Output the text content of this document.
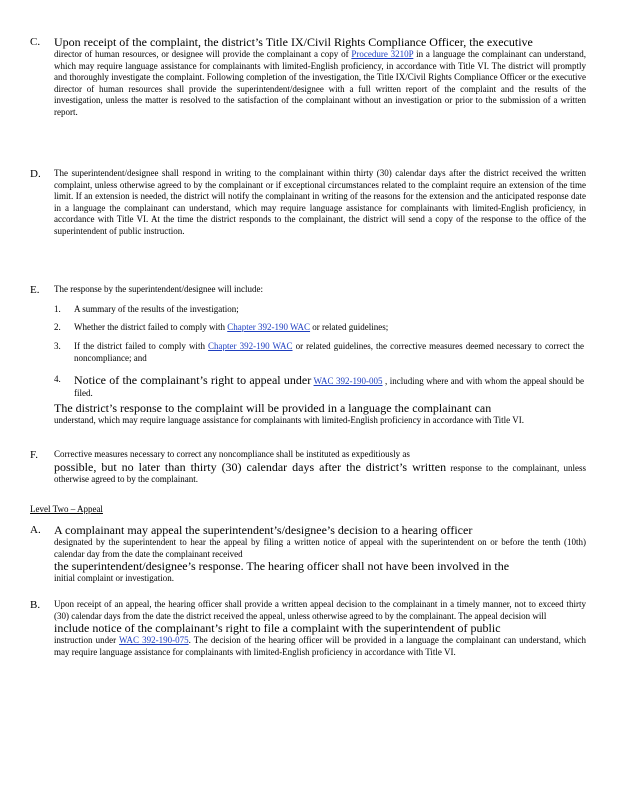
C. Upon receipt of the complaint, the district’s Title IX/Civil Rights Compliance Officer, the executive
director of human resources, or designee will provide the complainant a copy of Procedure 3210P in a language the complainant can understand, which may require language assistance for complainants with limited-English proficiency, in accordance with Title VI. The district will promptly and thoroughly investigate the complaint. Following completion of the investigation, the Title IX/Civil Rights Compliance Officer or the executive director of human resources shall provide the superintendent/designee with a full written report of the complaint and the results of the investigation, unless the matter is resolved to the satisfaction of the complainant without an investigation or prior to the submission of a written report.
D. The superintendent/designee shall respond in writing to the complainant within thirty (30) calendar days after the district received the written complaint, unless otherwise agreed to by the complainant or if exceptional circumstances related to the complaint require an extension of the time limit. If an extension is needed, the district will notify the complainant in writing of the reasons for the extension and the anticipated response date in a language the complainant can understand, which may require language assistance for complainants with limited-English proficiency, in accordance with Title VI. At the time the district responds to the complainant, the district will send a copy of the response to the office of the superintendent of public instruction.
E. The response by the superintendent/designee will include:
1. A summary of the results of the investigation;
2. Whether the district failed to comply with Chapter 392-190 WAC or related guidelines;
3. If the district failed to comply with Chapter 392-190 WAC or related guidelines, the corrective measures deemed necessary to correct the noncompliance; and
4. Notice of the complainant’s right to appeal under WAC 392-190-005 , including where and with whom the appeal should be filed.
The district’s response to the complaint will be provided in a language the complainant can
understand, which may require language assistance for complainants with limited-English proficiency in accordance with Title VI.
F. Corrective measures necessary to correct any noncompliance shall be instituted as expeditiously as
possible, but no later than thirty (30) calendar days after the district’s written response to the complainant, unless otherwise agreed to by the complainant.
Level Two – Appeal
A. A complainant may appeal the superintendent’s/designee’s decision to a hearing officer
designated by the superintendent to hear the appeal by filing a written notice of appeal with the superintendent on or before the tenth (10th) calendar day from the date the complainant received
the superintendent/designee’s response. The hearing officer shall not have been involved in the
initial complaint or investigation.
B. Upon receipt of an appeal, the hearing officer shall provide a written appeal decision to the complainant in a timely manner, not to exceed thirty (30) calendar days from the date the district received the appeal, unless otherwise agreed to by the complainant. The appeal decision will
include notice of the complainant’s right to file a complaint with the superintendent of public
instruction under WAC 392-190-075. The decision of the hearing officer will be provided in a language the complainant can understand, which may require language assistance for complainants with limited-English proficiency in accordance with Title VI.
